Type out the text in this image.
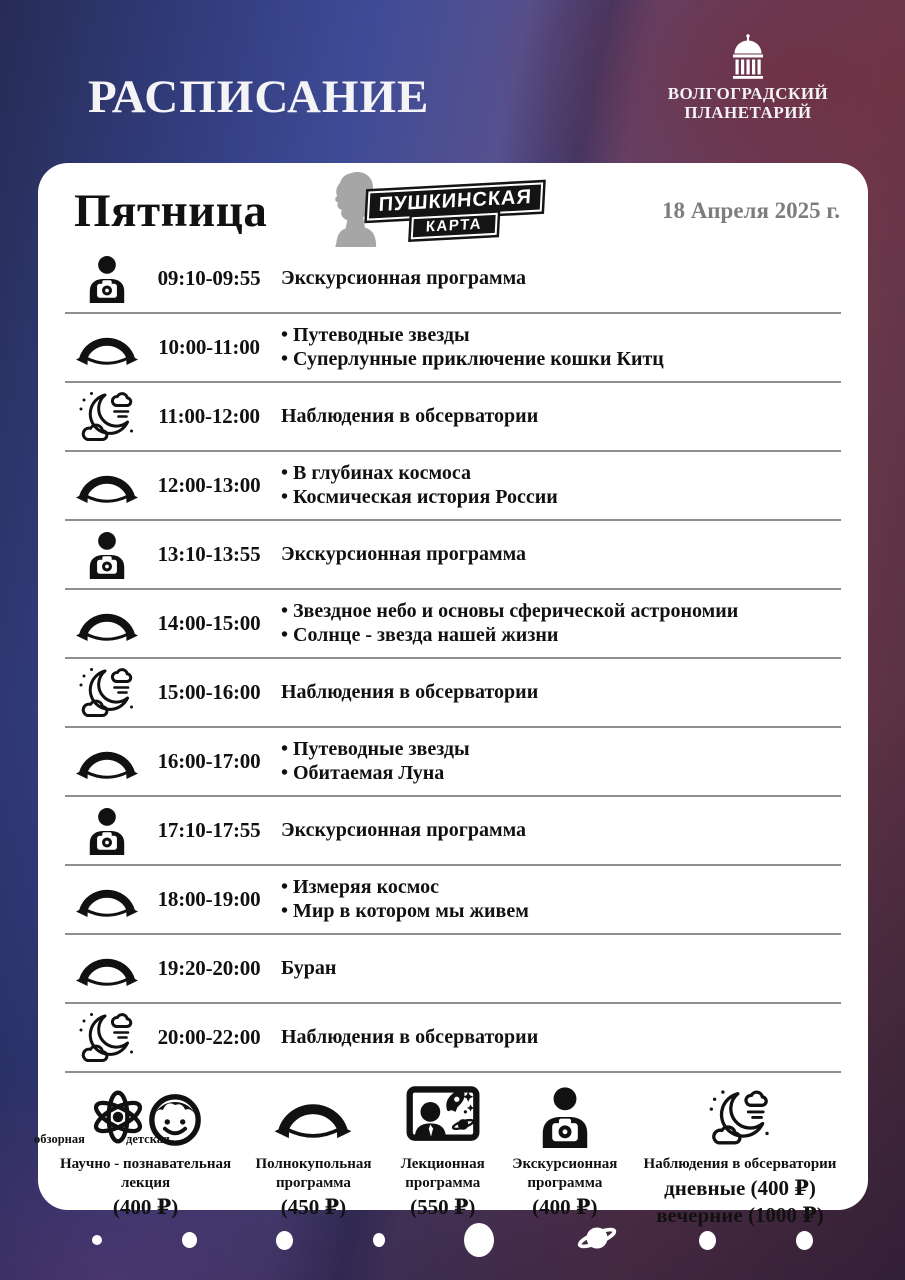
РАСПИСАНИЕ	ВОЛГОГРАДСКИЙ
ПЛАНЕТАРИЙ
Пятница	ПУШКИНСКАЯ
КАРТА
18 Апреля 2025 г.
09:10-09:55	Экскурсионная программа
10:00-11:00	• Путеводные звезды
• Суперлунные приключение кошки Китц
11:00-12:00	Наблюдения в обсерватории
12:00-13:00	• В глубинах космоса
• Космическая история России
13:10-13:55	Экскурсионная программа
14:00-15:00	• Звездное небо и основы сферической астрономии
• Солнце - звезда нашей жизни
15:00-16:00	Наблюдения в обсерватории
16:00-17:00	• Путеводные звезды
• Обитаемая Луна
17:10-17:55	Экскурсионная программа
18:00-19:00	• Измеряя космос
• Мир в котором мы живем
19:20-20:00	Буран
20:00-22:00	Наблюдения в обсерватории
обзорная	детская
Научно - познавательная
лекция
(400 ₽)
Полнокупольная
программа
(450 ₽)
Лекционная
программа
(550 ₽)
Экскурсионная
программа
(400 ₽)
Наблюдения в обсерватории
дневные (400 ₽)
вечерние (1000 ₽)
